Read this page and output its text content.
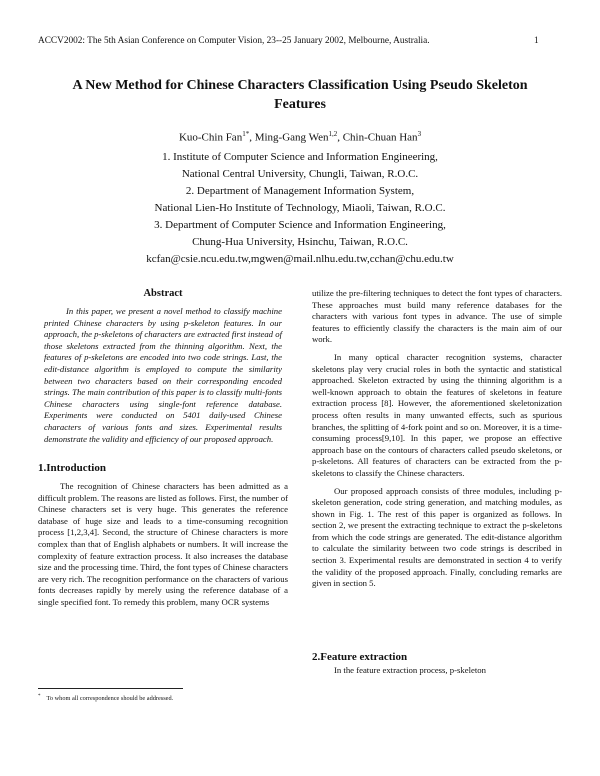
ACCV2002: The 5th Asian Conference on Computer Vision, 23--25 January 2002, Melbourne, Australia.	1
A New Method for Chinese Characters Classification Using Pseudo Skeleton
Features
Kuo-Chin Fan$^{1*}$, Ming-Gang Wen$^{1,2}$, Chin-Chuan Han$^3$
1. Institute of Computer Science and Information Engineering,
National Central University, Chungli, Taiwan, R.O.C.
2. Department of Management Information System,
National Lien-Ho Institute of Technology, Miaoli, Taiwan, R.O.C.
3. Department of Computer Science and Information Engineering,
Chung-Hua University, Hsinchu, Taiwan, R.O.C.
kcfan@csie.ncu.edu.tw,mgwen@mail.nlhu.edu.tw,cchan@chu.edu.tw
Abstract

In this paper, we present a novel method to classify machine printed Chinese characters by using p-skeleton features. In our approach, the p-skeletons of characters are extracted first instead of those skeletons extracted from the thinning algorithm. Next, the features of p-skeletons are encoded into two code strings. Last, the edit-distance algorithm is employed to compute the similarity between two characters based on their corresponding encoded strings. The main contribution of this paper is to classify multi-fonts Chinese characters using single-font reference database. Experiments were conducted on 5401 daily-used Chinese characters of various fonts and sizes. Experimental results demonstrate the validity and efficiency of our proposed approach.

1.Introduction

The recognition of Chinese characters has been admitted as a difficult problem. The reasons are listed as follows. First, the number of Chinese characters set is very huge. This generates the reference database of huge size and leads to a time-consuming recognition process [1,2,3,4]. Second, the structure of Chinese characters is more complex than that of English alphabets or numbers. It will increase the complexity of feature extraction process. It also increases the database size and the processing time. Third, the font types of Chinese characters are very rich. The recognition performance on the characters of various fonts decreases rapidly by merely using the reference database of a single specified font. To remedy this problem, many OCR systems

utilize the pre-filtering techniques to detect the font types of characters. These approaches must build many reference databases for the characters with various font types in advance. The use of simple features to efficiently classify the characters is the main aim of our work.

In many optical character recognition systems, character skeletons play very crucial roles in both the syntactic and statistical approached. Skeleton extracted by using the thinning algorithm is a well-known approach to obtain the features of skeletons in feature extraction process [8]. However, the aforementioned skeletonization process often results in many unwanted effects, such as spurious branches, the splitting of 4-fork point and so on. Moreover, it is a time-consuming process[9,10]. In this paper, we propose an effective approach base on the contours of characters called pseudo skeletons, or p-skeletons. All features of characters can be extracted from the p-skeletons to classify the Chinese characters.

Our proposed approach consists of three modules, including p-skeleton generation, code string generation, and matching modules, as shown in Fig. 1. The rest of this paper is organized as follows. In section 2, we present the extracting technique to extract the p-skeletons from which the code strings are generated. The edit-distance algorithm to calculate the similarity between two code strings is described in section 3. Experimental results are demonstrated in section 4 to verify the validity of the proposed approach. Finally, concluding remarks are given in section 5.

2.Feature extraction

In the feature extraction process, p-skeleton

* To whom all correspondence should be addressed.
